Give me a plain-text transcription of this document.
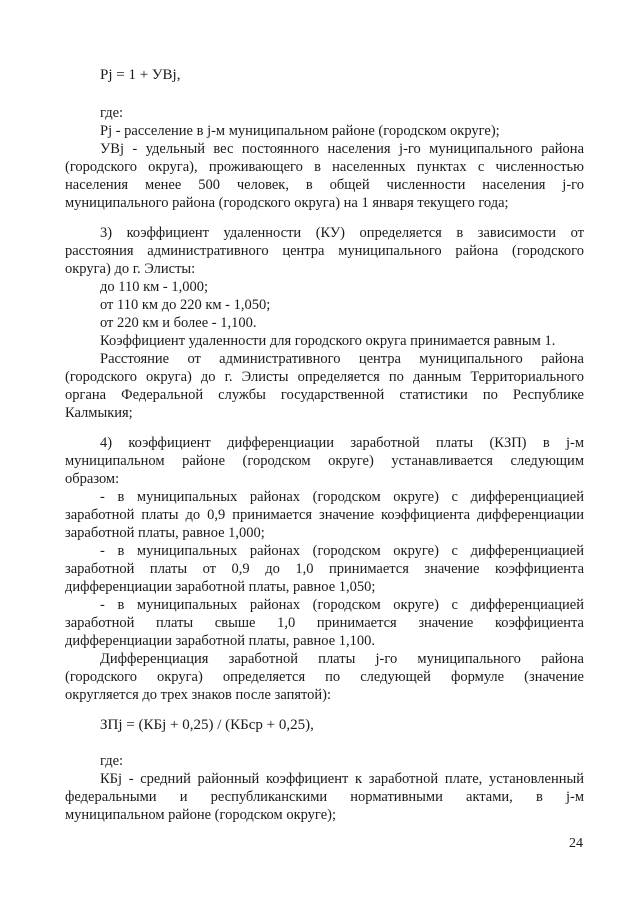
Pj = 1 + УВj,
где:
Pj - расселение в j-м муниципальном районе (городском округе);
УВj - удельный вес постоянного населения j-го муниципального района
(городского округа), проживающего в населенных пунктах с численностью
населения менее 500 человек, в общей численности населения j-го
муниципального района (городского округа) на 1 января текущего года;
3) коэффициент удаленности (КУ) определяется в зависимости от
расстояния административного центра муниципального района (городского
округа) до г. Элисты:
до 110 км - 1,000;
от 110 км до 220 км - 1,050;
от 220 км и более - 1,100.
Коэффициент удаленности для городского округа принимается равным 1.
Расстояние от административного центра муниципального района
(городского округа) до г. Элисты определяется по данным Территориального
органа Федеральной службы государственной статистики по Республике
Калмыкия;
4) коэффициент дифференциации заработной платы (КЗП) в j-м
муниципальном районе (городском округе) устанавливается следующим
образом:
- в муниципальных районах (городском округе) с дифференциацией
заработной платы до 0,9 принимается значение коэффициента дифференциации
заработной платы, равное 1,000;
- в муниципальных районах (городском округе) с дифференциацией
заработной платы от 0,9 до 1,0 принимается значение коэффициента
дифференциации заработной платы, равное 1,050;
- в муниципальных районах (городском округе) с дифференциацией
заработной платы свыше 1,0 принимается значение коэффициента
дифференциации заработной платы, равное 1,100.
Дифференциация заработной платы j-го муниципального района
(городского округа) определяется по следующей формуле (значение
округляется до трех знаков после запятой):
ЗПj = (КБj + 0,25) / (КБср + 0,25),
где:
КБj - средний районный коэффициент к заработной плате, установленный
федеральными и республиканскими нормативными актами, в j-м
муниципальном районе (городском округе);
24
